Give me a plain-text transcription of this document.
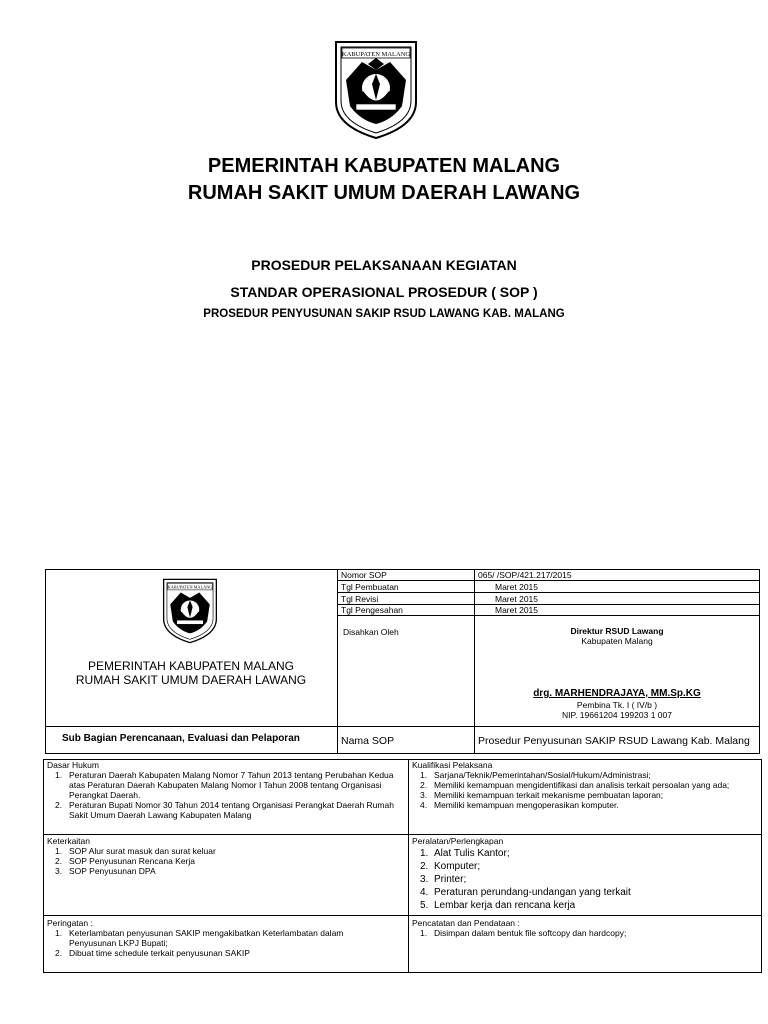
KABUPATEN MALANG
PEMERINTAH KABUPATEN MALANG
RUMAH SAKIT UMUM DAERAH LAWANG
PROSEDUR PELAKSANAAN KEGIATAN
STANDAR OPERASIONAL PROSEDUR ( SOP )
PROSEDUR PENYUSUNAN SAKIP RSUD LAWANG KAB. MALANG
KABUPATEN MALANG
PEMERINTAH KABUPATEN MALANG
RUMAH SAKIT UMUM DAERAH LAWANG
Nomor SOP	065/ /SOP/421.217/2015
Tgl Pembuatan	Maret 2015
Tgl Revisi	Maret 2015
Tgl Pengesahan	Maret 2015
Disahkan Oleh	Direktur RSUD Lawang
Kabupaten Malang
drg. MARHENDRAJAYA, MM.Sp.KG
Pembina Tk. I ( IV/b )
NIP. 19661204 199203 1 007
Sub Bagian Perencanaan, Evaluasi dan Pelaporan	Nama SOP	Prosedur Penyusunan SAKIP RSUD Lawang Kab. Malang
Dasar Hukum
1. Peraturan Daerah Kabupaten Malang Nomor 7 Tahun 2013 tentang Perubahan Kedua atas Peraturan Daerah Kabupaten Malang Nomor I Tahun 2008 tentang Organisasi Perangkat Daerah.
2. Peraturan Bupati Nomor 30 Tahun 2014 tentang Organisasi Perangkat Daerah Rumah Sakit Umum Daerah Lawang Kabupaten Malang
Kualifikasi Pelaksana
1. Sarjana/Teknik/Pemerintahan/Sosial/Hukum/Administrasi;
2. Memiliki kemampuan mengidentifikasi dan analisis terkait persoalan yang ada;
3. Memiliki kemampuan terkait mekanisme pembuatan laporan;
4. Memiliki kemampuan mengoperasikan komputer.
Keterkaitan
1. SOP Alur surat masuk dan surat keluar
2. SOP Penyusunan Rencana Kerja
3. SOP Penyusunan DPA
Peralatan/Perlengkapan
1. Alat Tulis Kantor;
2. Komputer;
3. Printer;
4. Peraturan perundang-undangan yang terkait
5. Lembar kerja dan rencana kerja
Peringatan :
1. Keterlambatan penyusunan SAKIP mengakibatkan Keterlambatan dalam Penyusunan LKPJ Bupati;
2. Dibuat time schedule terkait penyusunan SAKIP
Pencatatan dan Pendataan :
1. Disimpan dalam bentuk file softcopy dan hardcopy;
